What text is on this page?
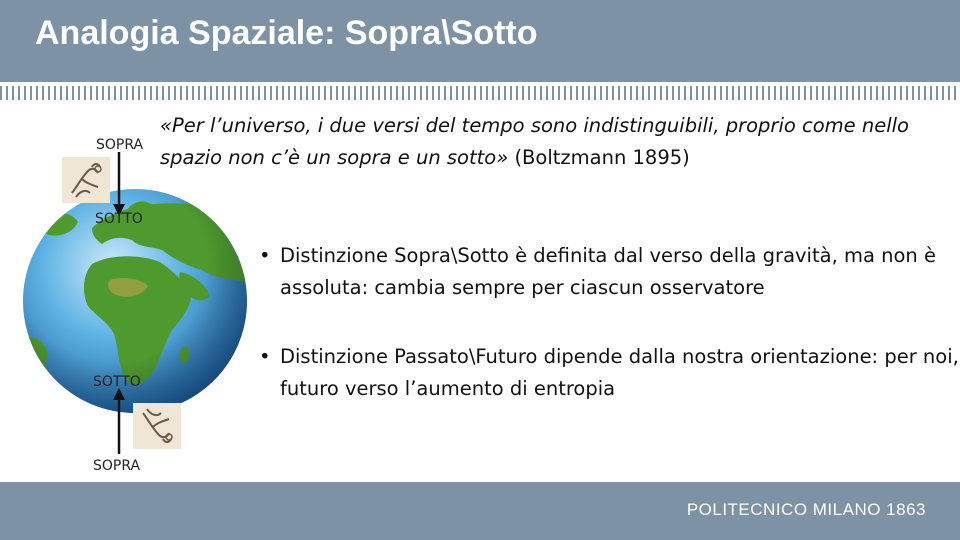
Analogia Spaziale: Sopra\Sotto
«Per l’universo, i due versi del tempo sono indistinguibili, proprio come nello spazio non c’è un sopra e un sotto» (Boltzmann 1895)
SOPRA
SOTTO
SOTTO
SOPRA
• Distinzione Sopra\Sotto è definita dal verso della gravità, ma non è assoluta: cambia sempre per ciascun osservatore
• Distinzione Passato\Futuro dipende dalla nostra orientazione: per noi, futuro verso l’aumento di entropia
POLITECNICO MILANO 1863
